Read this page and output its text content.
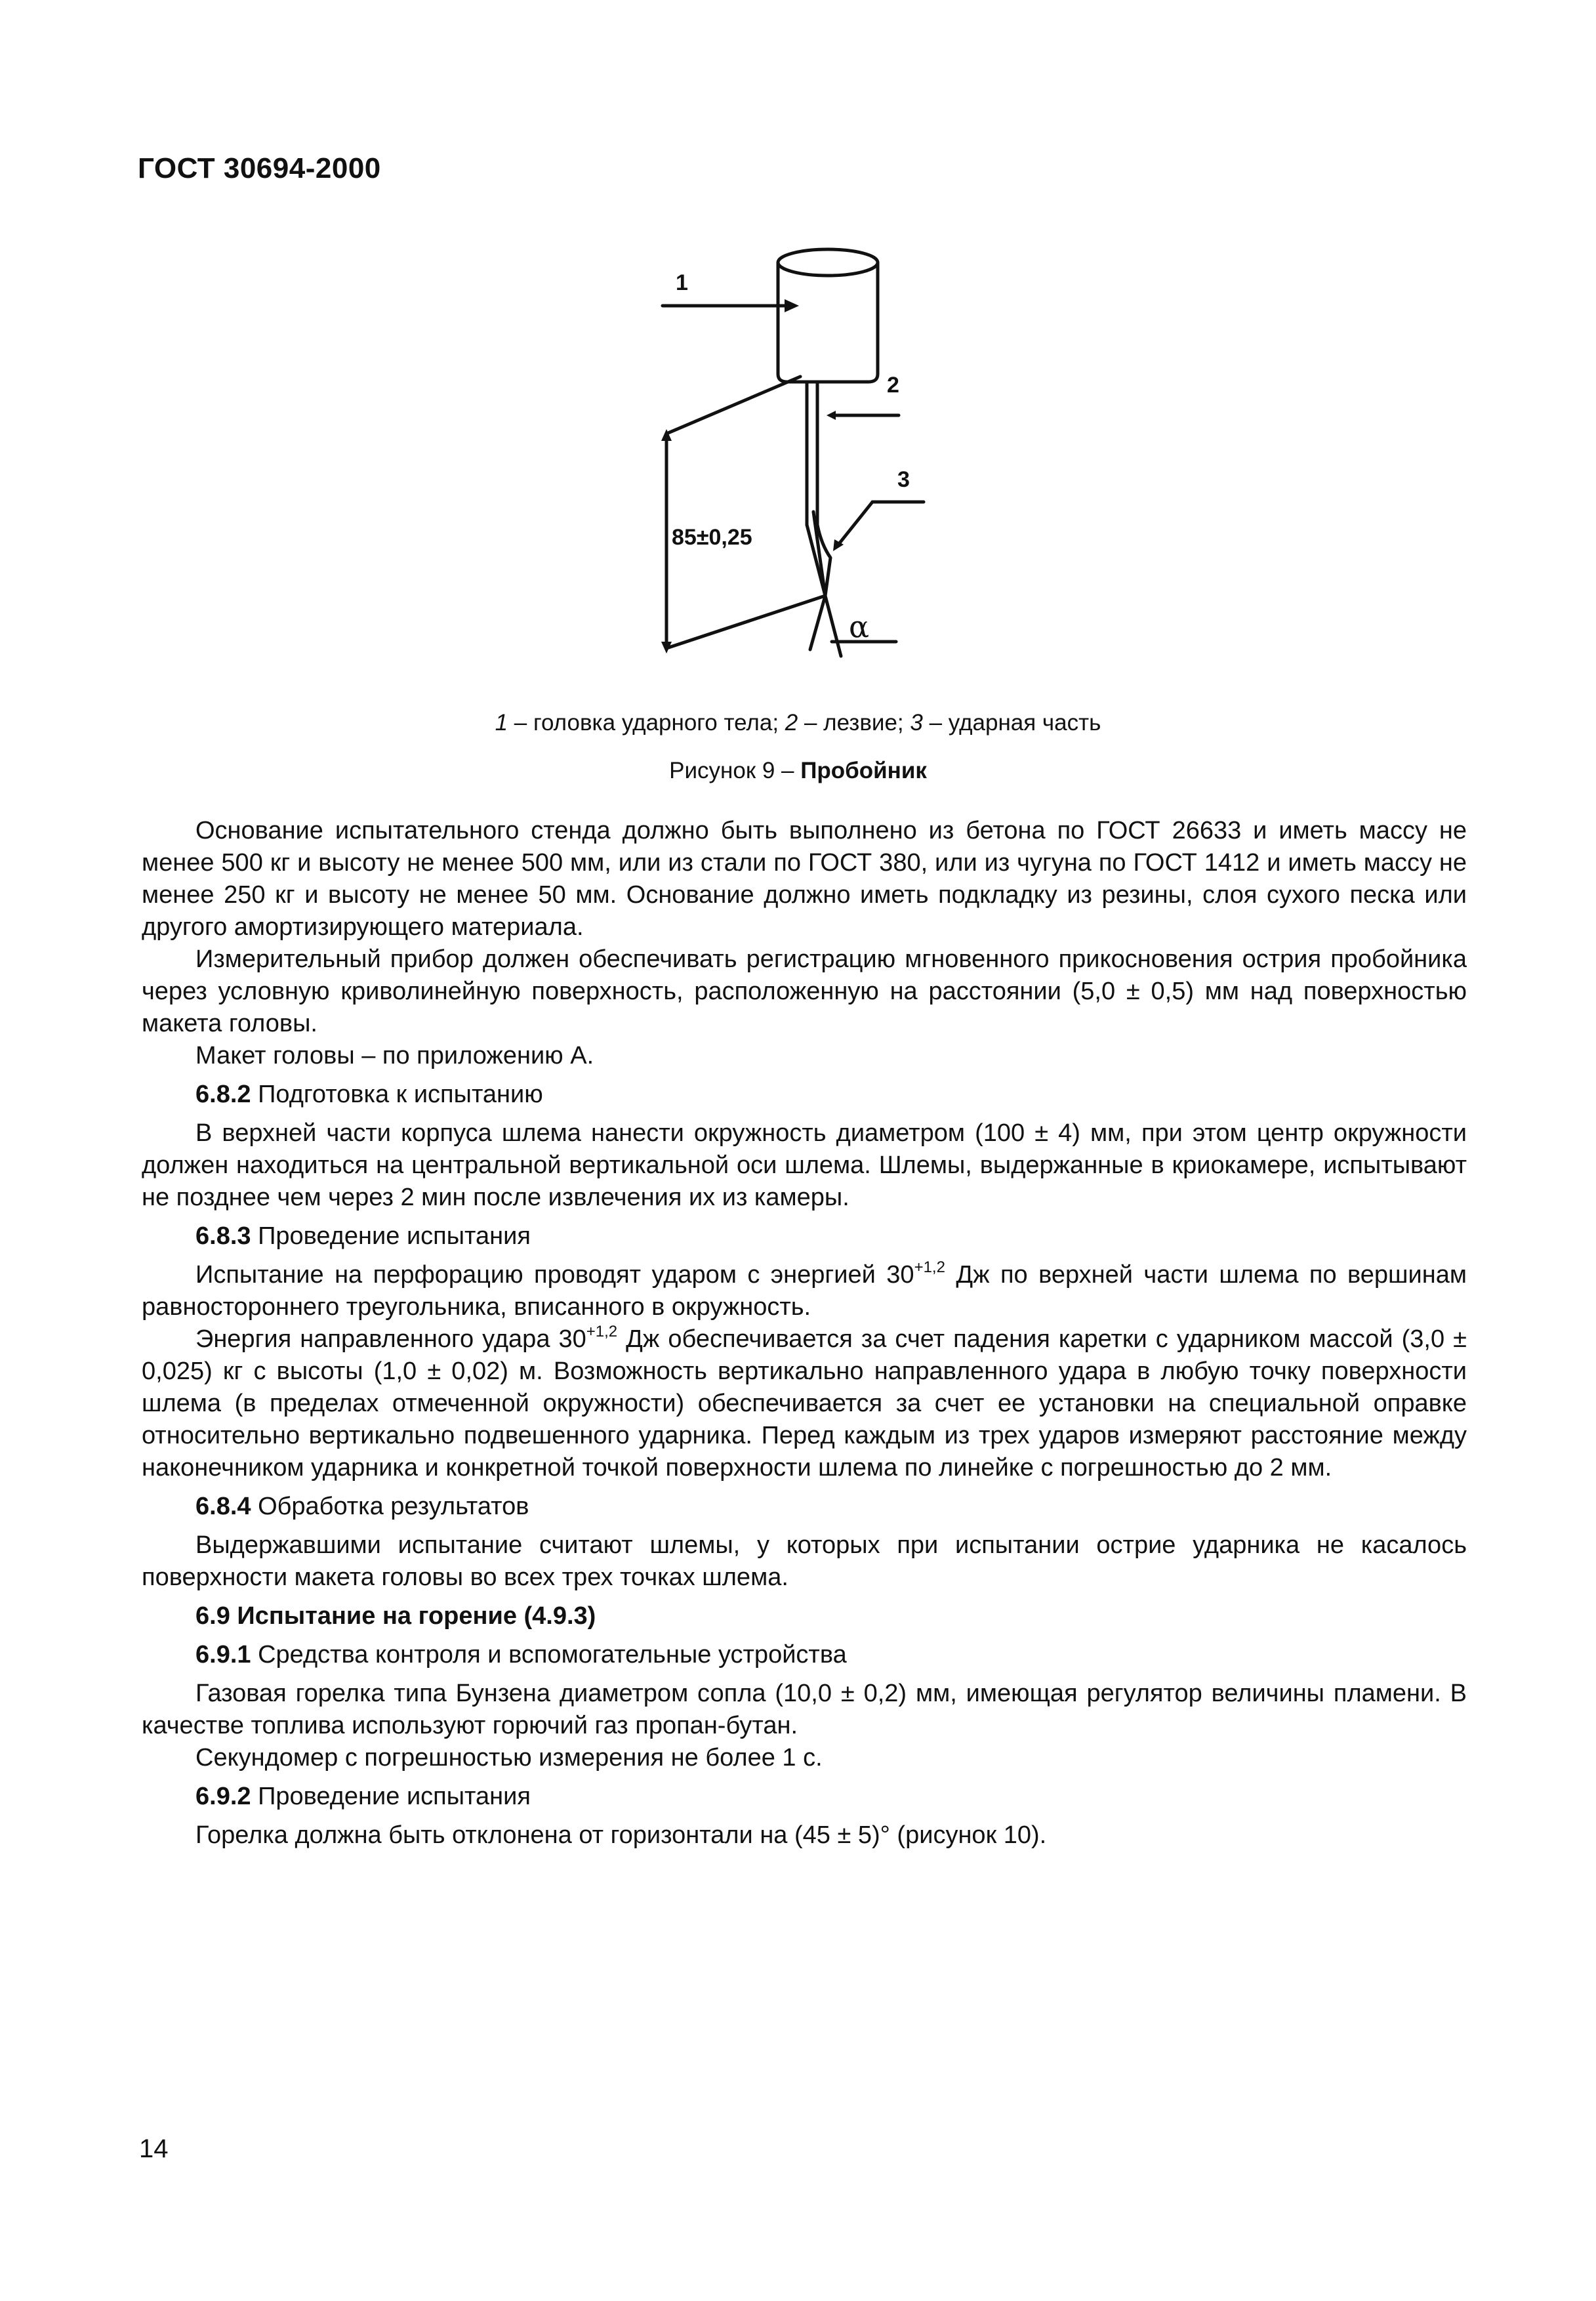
ГОСТ 30694-2000
1
2
3
85±0,25
α
1 – головка ударного тела; 2 – лезвие; 3 – ударная часть
Рисунок 9 – Пробойник

Основание испытательного стенда должно быть выполнено из бетона по ГОСТ 26633 и иметь массу не менее 500 кг и высоту не менее 500 мм, или из стали по ГОСТ 380, или из чугуна по ГОСТ 1412 и иметь массу не менее 250 кг и высоту не менее 50 мм. Основание должно иметь подкладку из резины, слоя сухого песка или другого амортизирующего материала.

Измерительный прибор должен обеспечивать регистрацию мгновенного прикосновения острия пробойника через условную криволинейную поверхность, расположенную на расстоянии (5,0 ± 0,5) мм над поверхностью макета головы.

Макет головы – по приложению А.

6.8.2 Подготовка к испытанию

В верхней части корпуса шлема нанести окружность диаметром (100 ± 4) мм, при этом центр окружности должен находиться на центральной вертикальной оси шлема. Шлемы, выдержанные в криокамере, испытывают не позднее чем через 2 мин после извлечения их из камеры.

6.8.3 Проведение испытания

Испытание на перфорацию проводят ударом с энергией $30^{+1,2}$ Дж по верхней части шлема по вершинам равностороннего треугольника, вписанного в окружность.

Энергия направленного удара $30^{+1,2}$ Дж обеспечивается за счет падения каретки с ударником массой (3,0 ± 0,025) кг с высоты (1,0 ± 0,02) м. Возможность вертикально направленного удара в любую точку поверхности шлема (в пределах отмеченной окружности) обеспечивается за счет ее установки на специальной оправке относительно вертикально подвешенного ударника. Перед каждым из трех ударов измеряют расстояние между наконечником ударника и конкретной точкой поверхности шлема по линейке с погрешностью до 2 мм.

6.8.4 Обработка результатов

Выдержавшими испытание считают шлемы, у которых при испытании острие ударника не касалось поверхности макета головы во всех трех точках шлема.

6.9 Испытание на горение (4.9.3)

6.9.1 Средства контроля и вспомогательные устройства

Газовая горелка типа Бунзена диаметром сопла (10,0 ± 0,2) мм, имеющая регулятор величины пламени. В качестве топлива используют горючий газ пропан-бутан.

Секундомер с погрешностью измерения не более 1 с.

6.9.2 Проведение испытания

Горелка должна быть отклонена от горизонтали на (45 ± 5)° (рисунок 10).

14
